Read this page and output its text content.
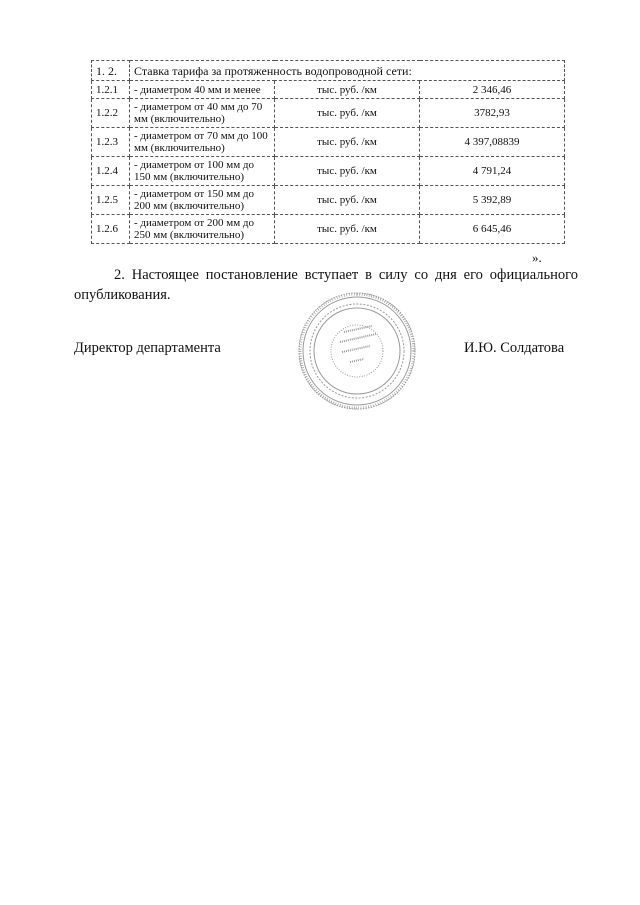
1. 2.	Ставка тарифа за протяженность водопроводной сети:		
1.2.1	- диаметром 40 мм и менее	тыс. руб. /км	2 346,46
1.2.2	- диаметром от 40 мм до 70 мм (включительно)	тыс. руб. /км	3782,93
1.2.3	- диаметром от 70 мм до 100 мм (включительно)	тыс. руб. /км	4 397,08839
1.2.4	- диаметром от 100 мм до 150 мм (включительно)	тыс. руб. /км	4 791,24
1.2.5	- диаметром от 150 мм до 200 мм (включительно)	тыс. руб. /км	5 392,89
1.2.6	- диаметром от 200 мм до 250 мм (включительно)	тыс. руб. /км	6 645,46
».
2. Настоящее постановление вступает в силу со дня его официального опубликования.
Директор департамента	И.Ю. Солдатова
